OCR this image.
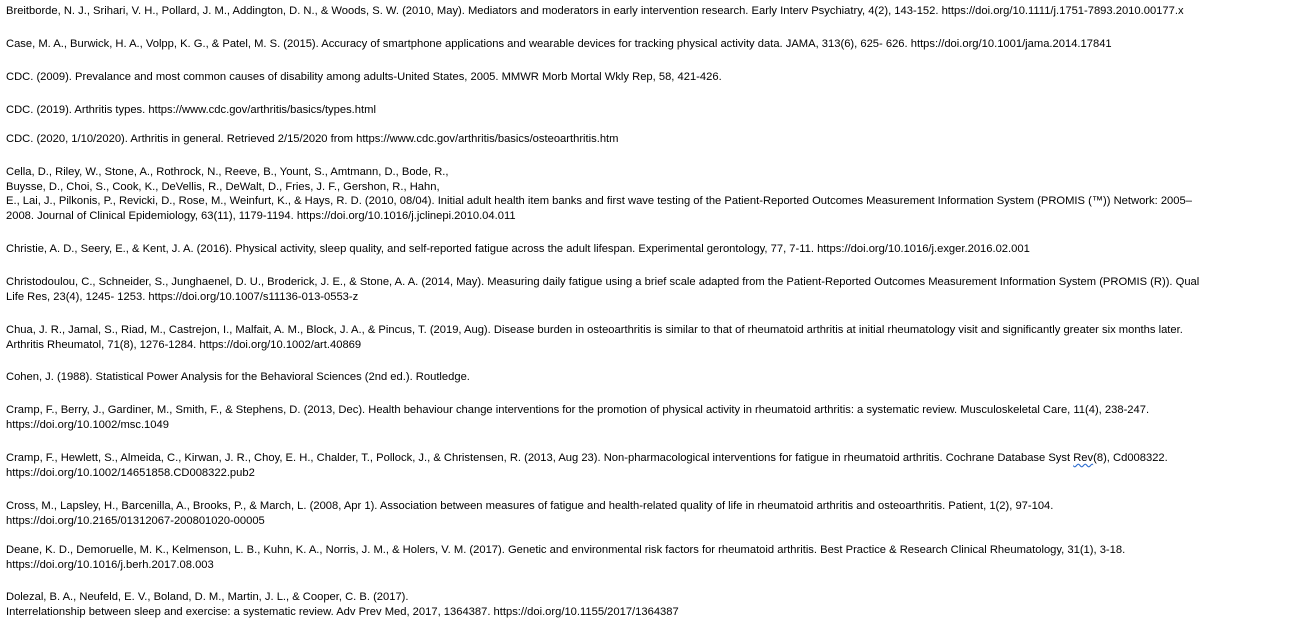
Breitborde, N. J., Srihari, V. H., Pollard, J. M., Addington, D. N., & Woods, S. W. (2010, May). Mediators and moderators in early intervention research. Early Interv Psychiatry, 4(2), 143-152. https://doi.org/10.1111/j.1751-7893.2010.00177.x
Case, M. A., Burwick, H. A., Volpp, K. G., & Patel, M. S. (2015). Accuracy of smartphone applications and wearable devices for tracking physical activity data. JAMA, 313(6), 625- 626. https://doi.org/10.1001/jama.2014.17841
CDC. (2009). Prevalance and most common causes of disability among adults-United States, 2005. MMWR Morb Mortal Wkly Rep, 58, 421-426.
CDC. (2019). Arthritis types. https://www.cdc.gov/arthritis/basics/types.html
CDC. (2020, 1/10/2020). Arthritis in general. Retrieved 2/15/2020 from https://www.cdc.gov/arthritis/basics/osteoarthritis.htm
Cella, D., Riley, W., Stone, A., Rothrock, N., Reeve, B., Yount, S., Amtmann, D., Bode, R.,
Buysse, D., Choi, S., Cook, K., DeVellis, R., DeWalt, D., Fries, J. F., Gershon, R., Hahn,
E., Lai, J., Pilkonis, P., Revicki, D., Rose, M., Weinfurt, K., & Hays, R. D. (2010, 08/04). Initial adult health item banks and first wave testing of the Patient-Reported Outcomes Measurement Information System (PROMIS (™)) Network: 2005–
2008. Journal of Clinical Epidemiology, 63(11), 1179-1194. https://doi.org/10.1016/j.jclinepi.2010.04.011
Christie, A. D., Seery, E., & Kent, J. A. (2016). Physical activity, sleep quality, and self-reported fatigue across the adult lifespan. Experimental gerontology, 77, 7-11. https://doi.org/10.1016/j.exger.2016.02.001
Christodoulou, C., Schneider, S., Junghaenel, D. U., Broderick, J. E., & Stone, A. A. (2014, May). Measuring daily fatigue using a brief scale adapted from the Patient-Reported Outcomes Measurement Information System (PROMIS (R)). Qual
Life Res, 23(4), 1245- 1253. https://doi.org/10.1007/s11136-013-0553-z
Chua, J. R., Jamal, S., Riad, M., Castrejon, I., Malfait, A. M., Block, J. A., & Pincus, T. (2019, Aug). Disease burden in osteoarthritis is similar to that of rheumatoid arthritis at initial rheumatology visit and significantly greater six months later.
Arthritis Rheumatol, 71(8), 1276-1284. https://doi.org/10.1002/art.40869
Cohen, J. (1988). Statistical Power Analysis for the Behavioral Sciences (2nd ed.). Routledge.
Cramp, F., Berry, J., Gardiner, M., Smith, F., & Stephens, D. (2013, Dec). Health behaviour change interventions for the promotion of physical activity in rheumatoid arthritis: a systematic review. Musculoskeletal Care, 11(4), 238-247.
https://doi.org/10.1002/msc.1049
Cramp, F., Hewlett, S., Almeida, C., Kirwan, J. R., Choy, E. H., Chalder, T., Pollock, J., & Christensen, R. (2013, Aug 23). Non-pharmacological interventions for fatigue in rheumatoid arthritis. Cochrane Database Syst Rev(8), Cd008322.
https://doi.org/10.1002/14651858.CD008322.pub2
Cross, M., Lapsley, H., Barcenilla, A., Brooks, P., & March, L. (2008, Apr 1). Association between measures of fatigue and health-related quality of life in rheumatoid arthritis and osteoarthritis. Patient, 1(2), 97-104.
https://doi.org/10.2165/01312067-200801020-00005
Deane, K. D., Demoruelle, M. K., Kelmenson, L. B., Kuhn, K. A., Norris, J. M., & Holers, V. M. (2017). Genetic and environmental risk factors for rheumatoid arthritis. Best Practice & Research Clinical Rheumatology, 31(1), 3-18.
https://doi.org/10.1016/j.berh.2017.08.003
Dolezal, B. A., Neufeld, E. V., Boland, D. M., Martin, J. L., & Cooper, C. B. (2017).
Interrelationship between sleep and exercise: a systematic review. Adv Prev Med, 2017, 1364387. https://doi.org/10.1155/2017/1364387
